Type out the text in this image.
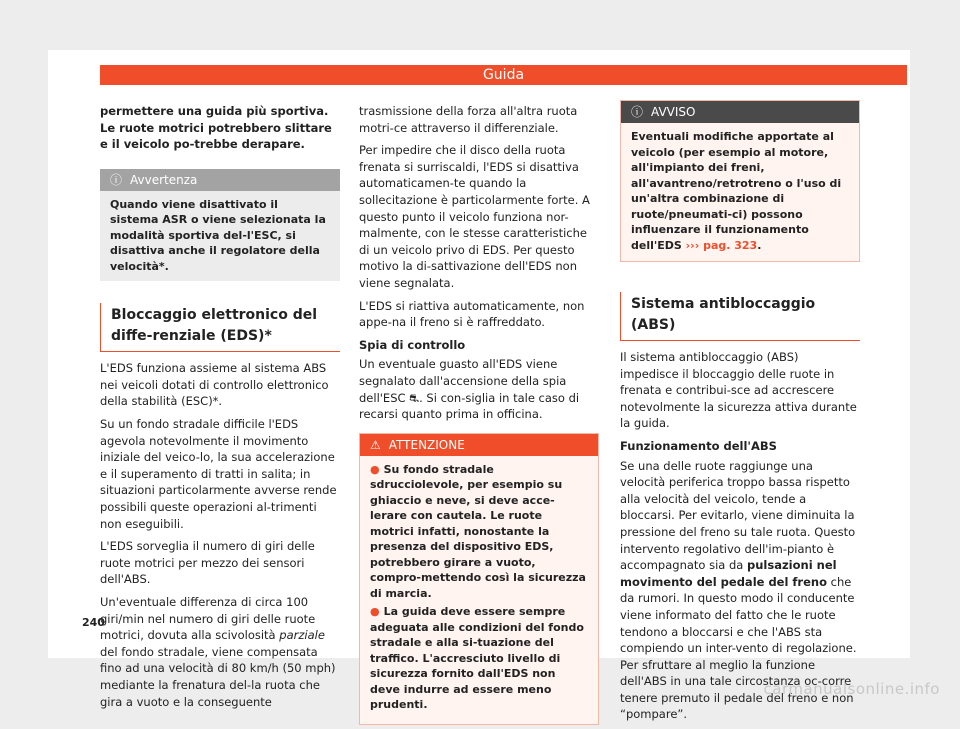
Guida

permettere una guida più sportiva. Le ruote motrici potrebbero slittare e il veicolo po-trebbe derapare.

ⓘ Avvertenza
Quando viene disattivato il sistema ASR o viene selezionata la modalità sportiva del-l'ESC, si disattiva anche il regolatore della velocità*.
Bloccaggio elettronico del diffe-renziale (EDS)*

L'EDS funziona assieme al sistema ABS nei veicoli dotati di controllo elettronico della stabilità (ESC)*.

Su un fondo stradale difficile l'EDS agevola notevolmente il movimento iniziale del veico-lo, la sua accelerazione e il superamento di tratti in salita; in situazioni particolarmente avverse rende possibili queste operazioni al-trimenti non eseguibili.

L'EDS sorveglia il numero di giri delle ruote motrici per mezzo dei sensori dell'ABS.

Un'eventuale differenza di circa 100 giri/min nel numero di giri delle ruote motrici, dovuta alla scivolosità parziale del fondo stradale, viene compensata fino ad una velocità di 80 km/h (50 mph) mediante la frenatura del-la ruota che gira a vuoto e la conseguente

trasmissione della forza all'altra ruota motri-ce attraverso il differenziale.

Per impedire che il disco della ruota frenata si surriscaldi, l'EDS si disattiva automaticamen-te quando la sollecitazione è particolarmente forte. A questo punto il veicolo funziona nor-malmente, con le stesse caratteristiche di un veicolo privo di EDS. Per questo motivo la di-sattivazione dell'EDS non viene segnalata.

L'EDS si riattiva automaticamente, non appe-na il freno si è raffreddato.

Spia di controllo

Un eventuale guasto all'EDS viene segnalato dall'accensione della spia dell'ESC ⛐. Si con-siglia in tale caso di recarsi quanto prima in officina.

⚠ ATTENZIONE
● Su fondo stradale sdrucciolevole, per esempio su ghiaccio e neve, si deve acce-lerare con cautela. Le ruote motrici infatti, nonostante la presenza del dispositivo EDS, potrebbero girare a vuoto, compro-mettendo così la sicurezza di marcia.
● La guida deve essere sempre adeguata alle condizioni del fondo stradale e alla si-tuazione del traffico. L'accresciuto livello di sicurezza fornito dall'EDS non deve indurre ad essere meno prudenti.
ⓘ AVVISO
Eventuali modifiche apportate al veicolo (per esempio al motore, all'impianto dei freni, all'avantreno/retrotreno o l'uso di un'altra combinazione di ruote/pneumati-ci) possono influenzare il funzionamento dell'EDS ››› pag. 323.
Sistema antibloccaggio (ABS)

Il sistema antibloccaggio (ABS) impedisce il bloccaggio delle ruote in frenata e contribui-sce ad accrescere notevolmente la sicurezza attiva durante la guida.

Funzionamento dell'ABS

Se una delle ruote raggiunge una velocità periferica troppo bassa rispetto alla velocità del veicolo, tende a bloccarsi. Per evitarlo, viene diminuita la pressione del freno su tale ruota. Questo intervento regolativo dell'im-pianto è accompagnato sia da pulsazioni nel movimento del pedale del freno che da rumori. In questo modo il conducente viene informato del fatto che le ruote tendono a bloccarsi e che l'ABS sta compiendo un inter-vento di regolazione. Per sfruttare al meglio la funzione dell'ABS in una tale circostanza oc-corre tenere premuto il pedale del freno e non “pompare”.

240
carmanualsonline.info
